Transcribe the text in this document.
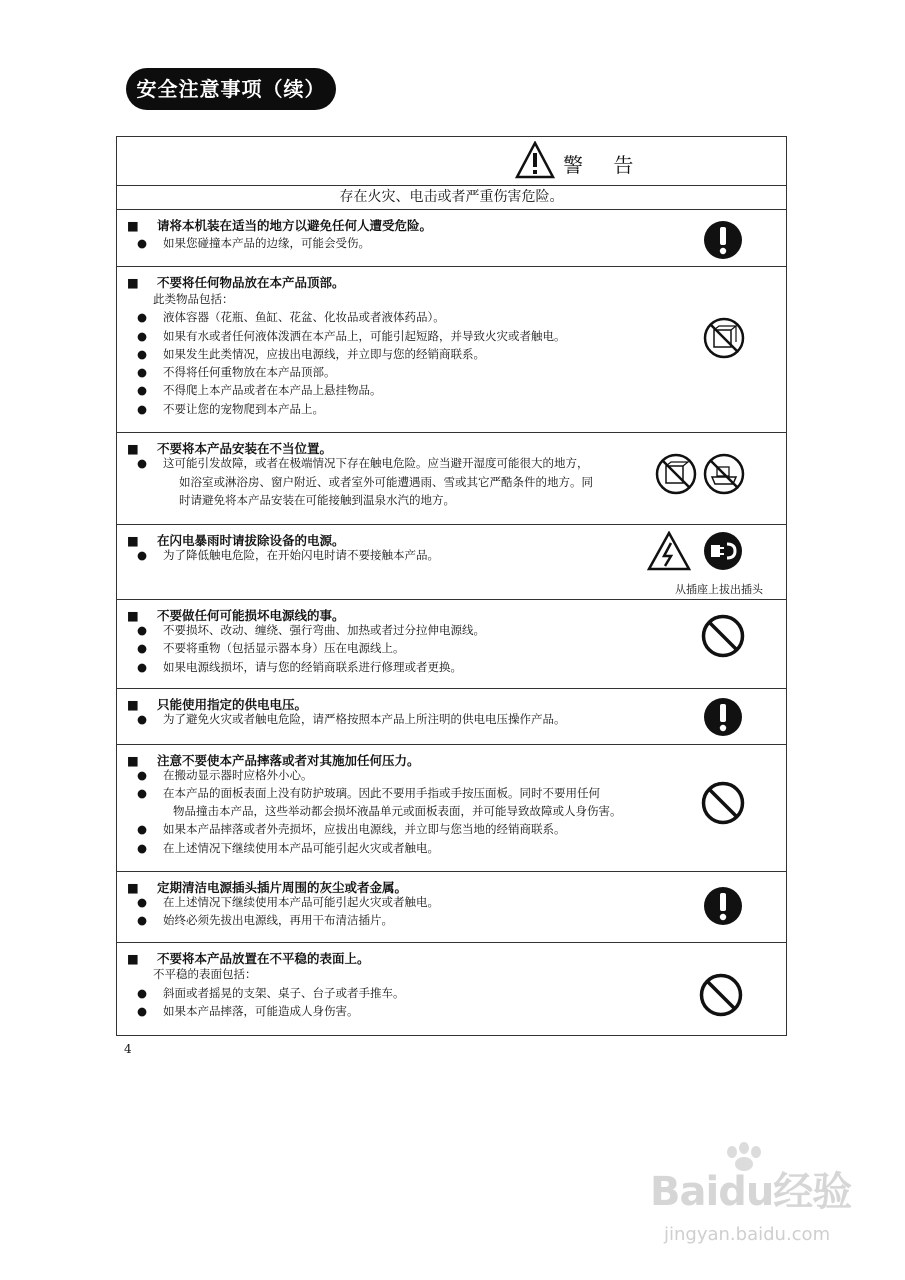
安全注意事项（续）
警 告
存在火灾、电击或者严重伤害危险。
■ 请将本机装在适当的地方以避免任何人遭受危险。
● 如果您碰撞本产品的边缘，可能会受伤。
■ 不要将任何物品放在本产品顶部。
此类物品包括：
● 液体容器（花瓶、鱼缸、花盆、化妆品或者液体药品）。
● 如果有水或者任何液体泼洒在本产品上，可能引起短路，并导致火灾或者触电。
● 如果发生此类情况，应拔出电源线，并立即与您的经销商联系。
● 不得将任何重物放在本产品顶部。
● 不得爬上本产品或者在本产品上悬挂物品。
● 不要让您的宠物爬到本产品上。
■ 不要将本产品安装在不当位置。
● 这可能引发故障，或者在极端情况下存在触电危险。应当避开湿度可能很大的地方，
如浴室或淋浴房、窗户附近、或者室外可能遭遇雨、雪或其它严酷条件的地方。同
时请避免将本产品安装在可能接触到温泉水汽的地方。
■ 在闪电暴雨时请拔除设备的电源。
● 为了降低触电危险，在开始闪电时请不要接触本产品。
从插座上拔出插头
■ 不要做任何可能损坏电源线的事。
● 不要损坏、改动、缠绕、强行弯曲、加热或者过分拉伸电源线。
● 不要将重物（包括显示器本身）压在电源线上。
● 如果电源线损坏，请与您的经销商联系进行修理或者更换。
■ 只能使用指定的供电电压。
● 为了避免火灾或者触电危险，请严格按照本产品上所注明的供电电压操作产品。
■ 注意不要使本产品摔落或者对其施加任何压力。
● 在搬动显示器时应格外小心。
● 在本产品的面板表面上没有防护玻璃。因此不要用手指或手按压面板。同时不要用任何
物品撞击本产品，这些举动都会损坏液晶单元或面板表面，并可能导致故障或人身伤害。
● 如果本产品摔落或者外壳损坏，应拔出电源线，并立即与您当地的经销商联系。
● 在上述情况下继续使用本产品可能引起火灾或者触电。
■ 定期清洁电源插头插片周围的灰尘或者金属。
● 在上述情况下继续使用本产品可能引起火灾或者触电。
● 始终必须先拔出电源线，再用干布清洁插片。
■ 不要将本产品放置在不平稳的表面上。
不平稳的表面包括：
● 斜面或者摇晃的支架、桌子、台子或者手推车。
● 如果本产品摔落，可能造成人身伤害。
4
Baidu经验
jingyan.baidu.com
